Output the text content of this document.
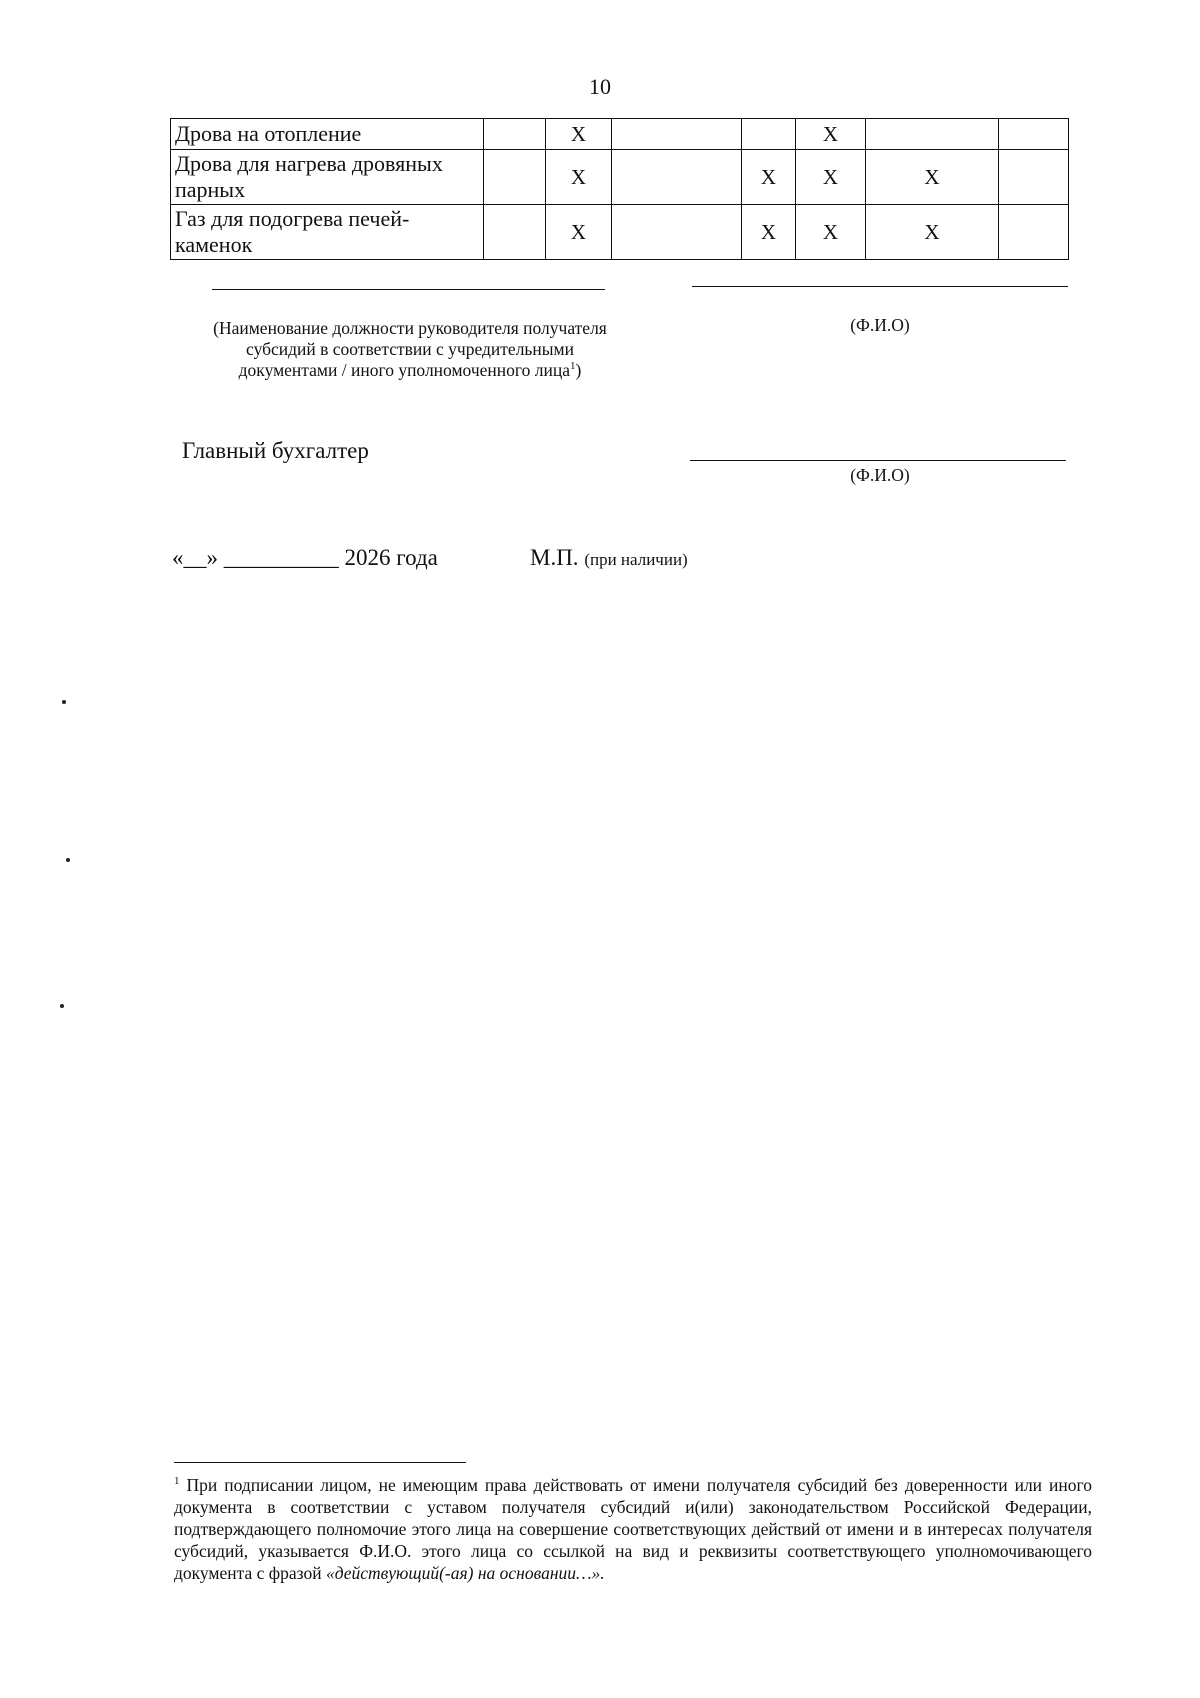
10
Дрова на отопление		X			X		
Дрова для нагрева дровяных парных		X		X	X	X	
Газ для подогрева печей-каменок		X		X	X	X	
(Наименование должности руководителя получателя субсидий в соответствии с учредительными документами / иного уполномоченного лица$^1$)
(Ф.И.О)
Главный бухгалтер
(Ф.И.О)
«__» __________ 2026 года	М.П. (при наличии)
$^1$ При подписании лицом, не имеющим права действовать от имени получателя субсидий без доверенности или иного документа в соответствии с уставом получателя субсидий и(или) законодательством Российской Федерации, подтверждающего полномочие этого лица на совершение соответствующих действий от имени и в интересах получателя субсидий, указывается Ф.И.О. этого лица со ссылкой на вид и реквизиты соответствующего уполномочивающего документа с фразой «действующий(-ая) на основании…».
